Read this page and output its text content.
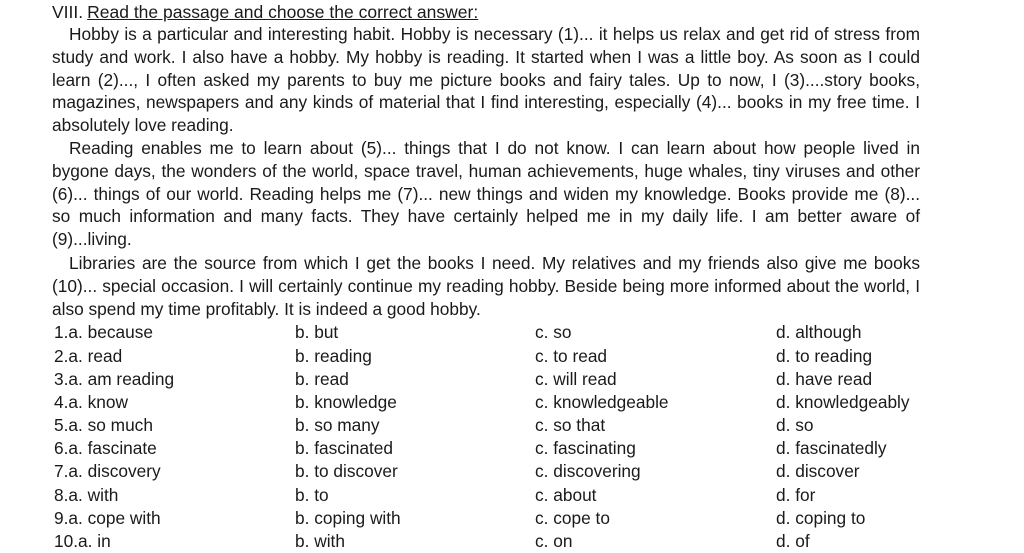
VIII. Read the passage and choose the correct answer:

Hobby is a particular and interesting habit. Hobby is necessary (1)... it helps us relax and get rid of stress from study and work. I also have a hobby. My hobby is reading. It started when I was a little boy. As soon as I could learn (2)..., I often asked my parents to buy me picture books and fairy tales. Up to now, I (3)....story books, magazines, newspapers and any kinds of material that I find interesting, especially (4)... books in my free time. I absolutely love reading.

Reading enables me to learn about (5)... things that I do not know. I can learn about how people lived in bygone days, the wonders of the world, space travel, human achievements, huge whales, tiny viruses and other (6)... things of our world. Reading helps me (7)... new things and widen my knowledge. Books provide me (8)... so much information and many facts. They have certainly helped me in my daily life. I am better aware of (9)...living.

Libraries are the source from which I get the books I need. My relatives and my friends also give me books (10)... special occasion. I will certainly continue my reading hobby. Beside being more informed about the world, I also spend my time profitably. It is indeed a good hobby.

1.a. because	b. but	c. so	d. although
2.a. read	b. reading	c. to read	d. to reading
3.a. am reading	b. read	c. will read	d. have read
4.a. know	b. knowledge	c. knowledgeable	d. knowledgeably
5.a. so much	b. so many	c. so that	d. so
6.a. fascinate	b. fascinated	c. fascinating	d. fascinatedly
7.a. discovery	b. to discover	c. discovering	d. discover
8.a. with	b. to	c. about	d. for
9.a. cope with	b. coping with	c. cope to	d. coping to
10.a. in	b. with	c. on	d. of
